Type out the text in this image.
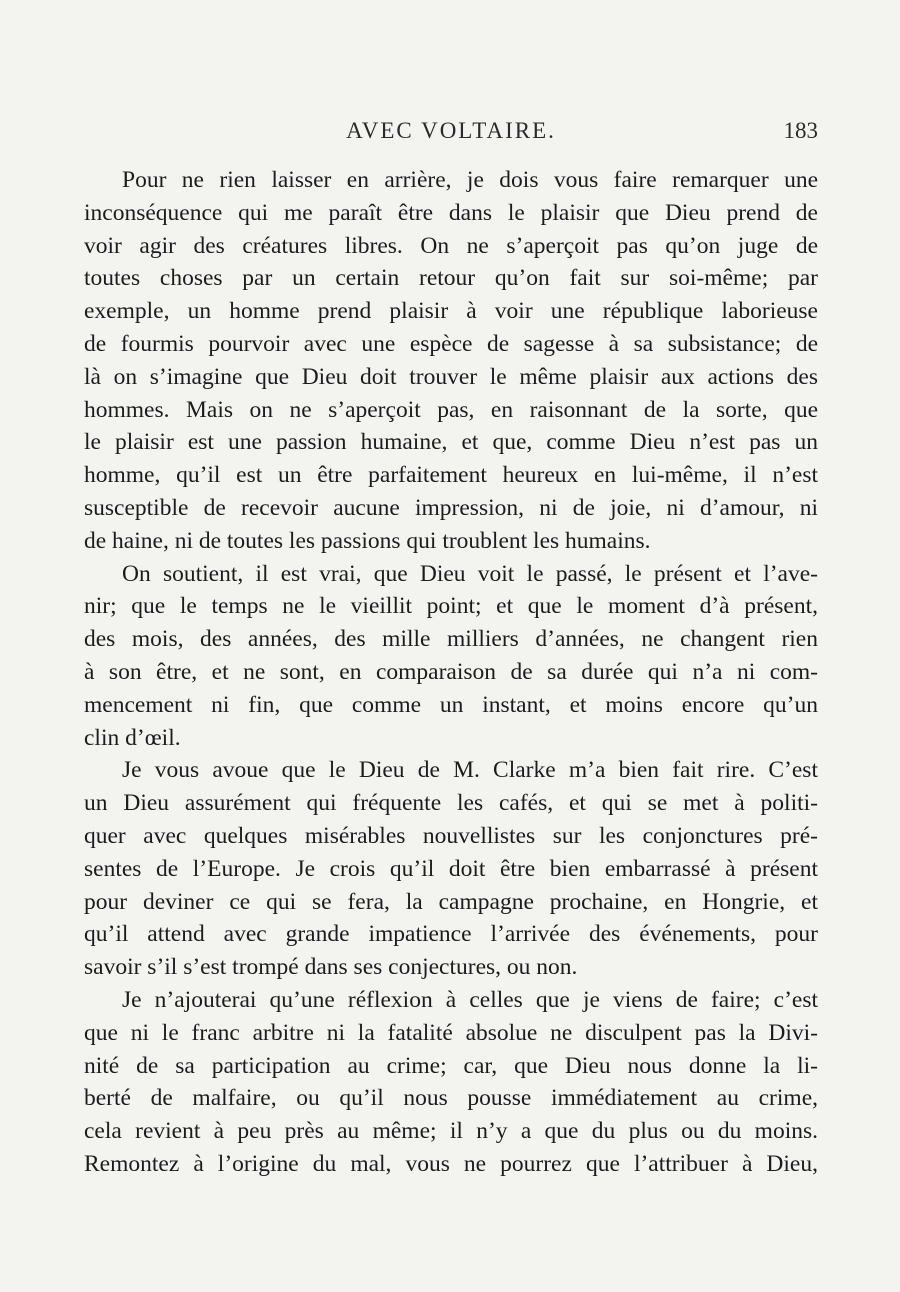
AVEC VOLTAIRE.	183
Pour ne rien laisser en arrière, je dois vous faire remarquer une
inconséquence qui me paraît être dans le plaisir que Dieu prend de
voir agir des créatures libres. On ne s’aperçoit pas qu’on juge de
toutes choses par un certain retour qu’on fait sur soi-même; par
exemple, un homme prend plaisir à voir une république laborieuse
de fourmis pourvoir avec une espèce de sagesse à sa subsistance; de
là on s’imagine que Dieu doit trouver le même plaisir aux actions des
hommes. Mais on ne s’aperçoit pas, en raisonnant de la sorte, que
le plaisir est une passion humaine, et que, comme Dieu n’est pas un
homme, qu’il est un être parfaitement heureux en lui-même, il n’est
susceptible de recevoir aucune impression, ni de joie, ni d’amour, ni
de haine, ni de toutes les passions qui troublent les humains.
On soutient, il est vrai, que Dieu voit le passé, le présent et l’ave-
nir; que le temps ne le vieillit point; et que le moment d’à présent,
des mois, des années, des mille milliers d’années, ne changent rien
à son être, et ne sont, en comparaison de sa durée qui n’a ni com-
mencement ni fin, que comme un instant, et moins encore qu’un
clin d’œil.
Je vous avoue que le Dieu de M. Clarke m’a bien fait rire. C’est
un Dieu assurément qui fréquente les cafés, et qui se met à politi-
quer avec quelques misérables nouvellistes sur les conjonctures pré-
sentes de l’Europe. Je crois qu’il doit être bien embarrassé à présent
pour deviner ce qui se fera, la campagne prochaine, en Hongrie, et
qu’il attend avec grande impatience l’arrivée des événements, pour
savoir s’il s’est trompé dans ses conjectures, ou non.
Je n’ajouterai qu’une réflexion à celles que je viens de faire; c’est
que ni le franc arbitre ni la fatalité absolue ne disculpent pas la Divi-
nité de sa participation au crime; car, que Dieu nous donne la li-
berté de malfaire, ou qu’il nous pousse immédiatement au crime,
cela revient à peu près au même; il n’y a que du plus ou du moins.
Remontez à l’origine du mal, vous ne pourrez que l’attribuer à Dieu,
